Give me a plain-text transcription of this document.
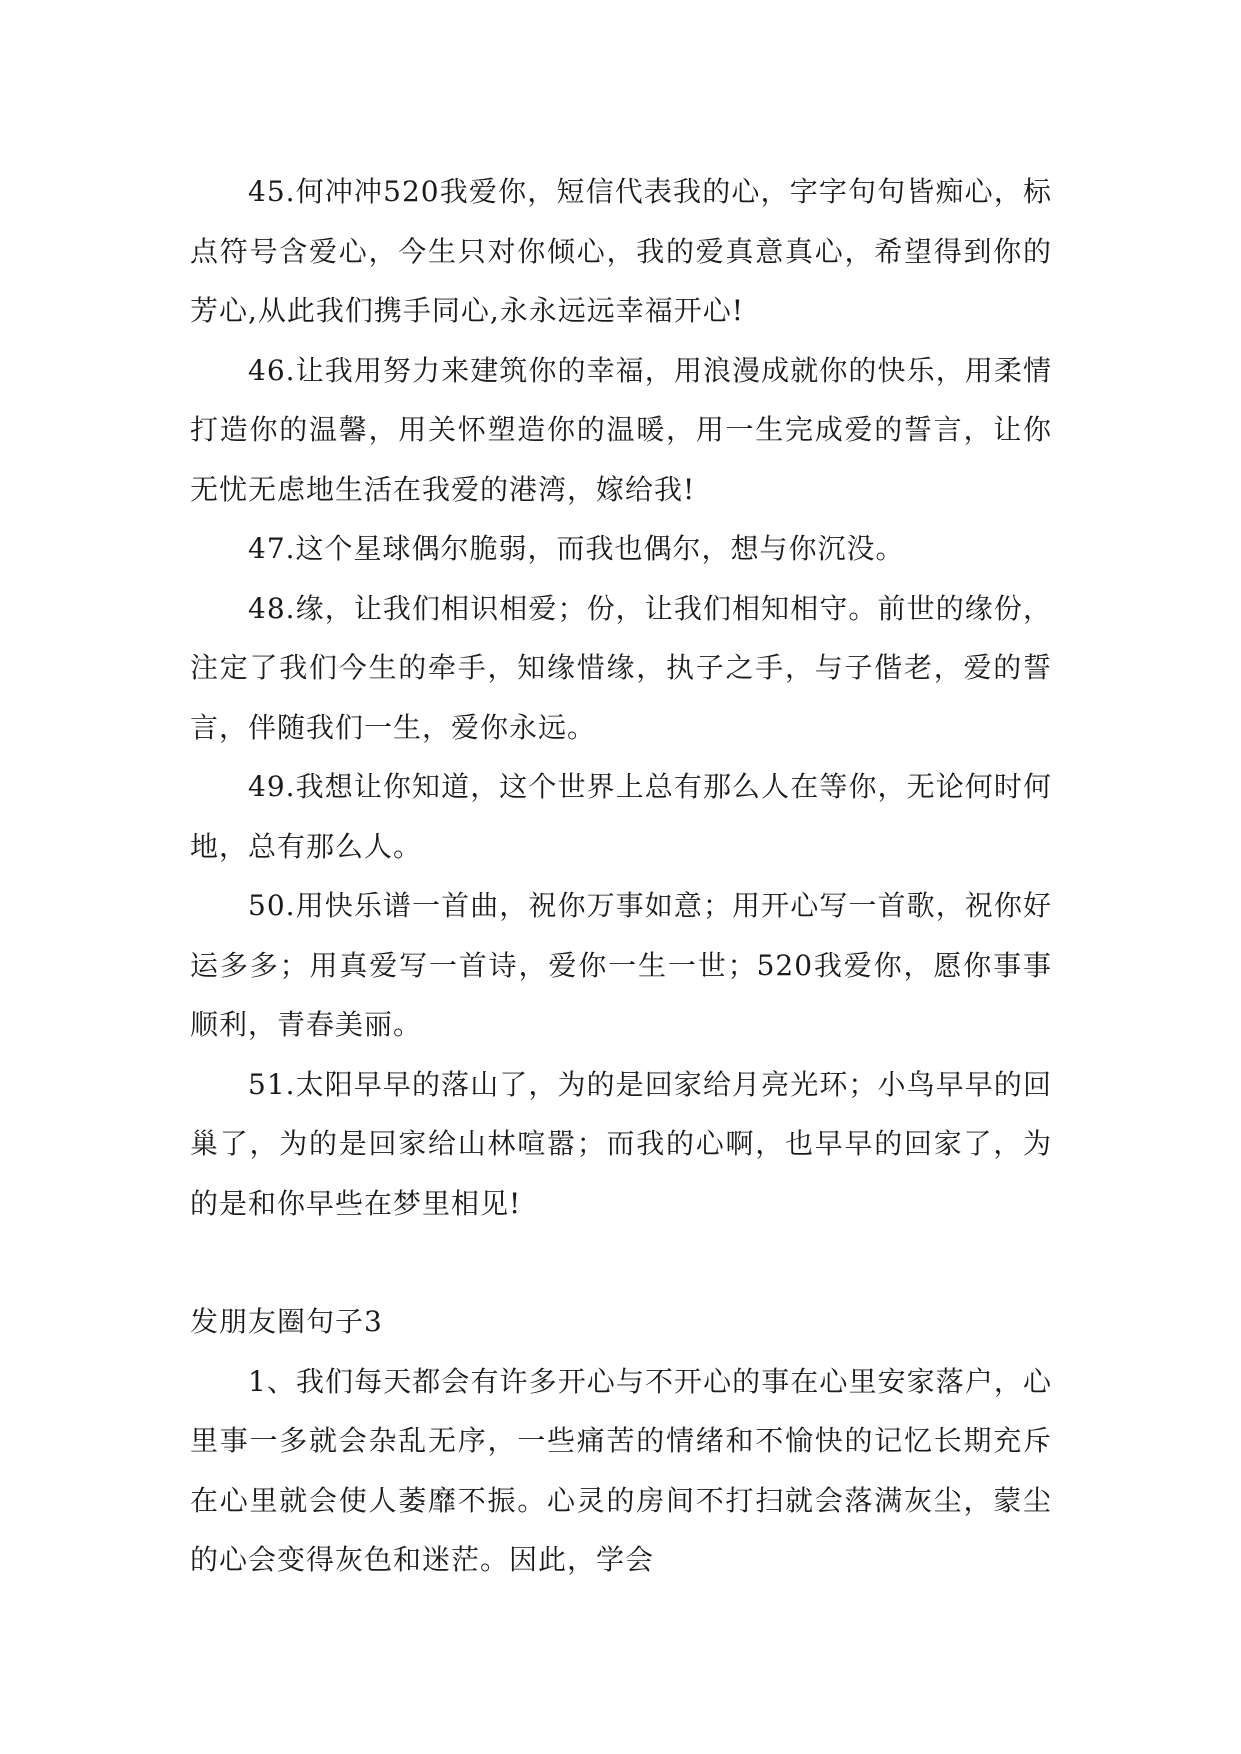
45.何冲冲520我爱你，短信代表我的心，字字句句皆痴心，标点符号含爱心，今生只对你倾心，我的爱真意真心，希望得到你的芳心,从此我们携手同心,永永远远幸福开心!

46.让我用努力来建筑你的幸福，用浪漫成就你的快乐，用柔情打造你的温馨，用关怀塑造你的温暖，用一生完成爱的誓言，让你无忧无虑地生活在我爱的港湾，嫁给我!

47.这个星球偶尔脆弱，而我也偶尔，想与你沉没。

48.缘，让我们相识相爱；份，让我们相知相守。前世的缘份，注定了我们今生的牵手，知缘惜缘，执子之手，与子偕老，爱的誓言，伴随我们一生，爱你永远。

49.我想让你知道，这个世界上总有那么人在等你，无论何时何地，总有那么人。

50.用快乐谱一首曲，祝你万事如意；用开心写一首歌，祝你好运多多；用真爱写一首诗，爱你一生一世；520我爱你，愿你事事顺利，青春美丽。

51.太阳早早的落山了，为的是回家给月亮光环；小鸟早早的回巢了，为的是回家给山林喧嚣；而我的心啊，也早早的回家了，为的是和你早些在梦里相见!

发朋友圈句子3

1、我们每天都会有许多开心与不开心的事在心里安家落户，心里事一多就会杂乱无序，一些痛苦的情绪和不愉快的记忆长期充斥在心里就会使人萎靡不振。心灵的房间不打扫就会落满灰尘，蒙尘的心会变得灰色和迷茫。因此，学会
